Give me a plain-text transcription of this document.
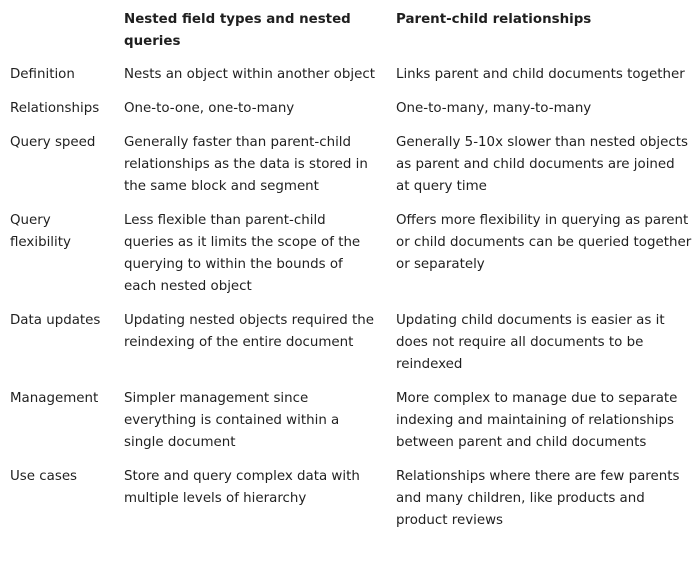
	Nested field types and nested queries	Parent-child relationships
Definition	Nests an object within another object	Links parent and child documents together
Relationships	One-to-one, one-to-many	One-to-many, many-to-many
Query speed	Generally faster than parent-child relationships as the data is stored in the same block and segment	Generally 5-10x slower than nested objects as parent and child documents are joined at query time
Query flexibility	Less flexible than parent-child queries as it limits the scope of the querying to within the bounds of each nested object	Offers more flexibility in querying as parent or child documents can be queried together or separately
Data updates	Updating nested objects required the reindexing of the entire document	Updating child documents is easier as it does not require all documents to be reindexed
Management	Simpler management since everything is contained within a single document	More complex to manage due to separate indexing and maintaining of relationships between parent and child documents
Use cases	Store and query complex data with multiple levels of hierarchy	Relationships where there are few parents and many children, like products and product reviews
